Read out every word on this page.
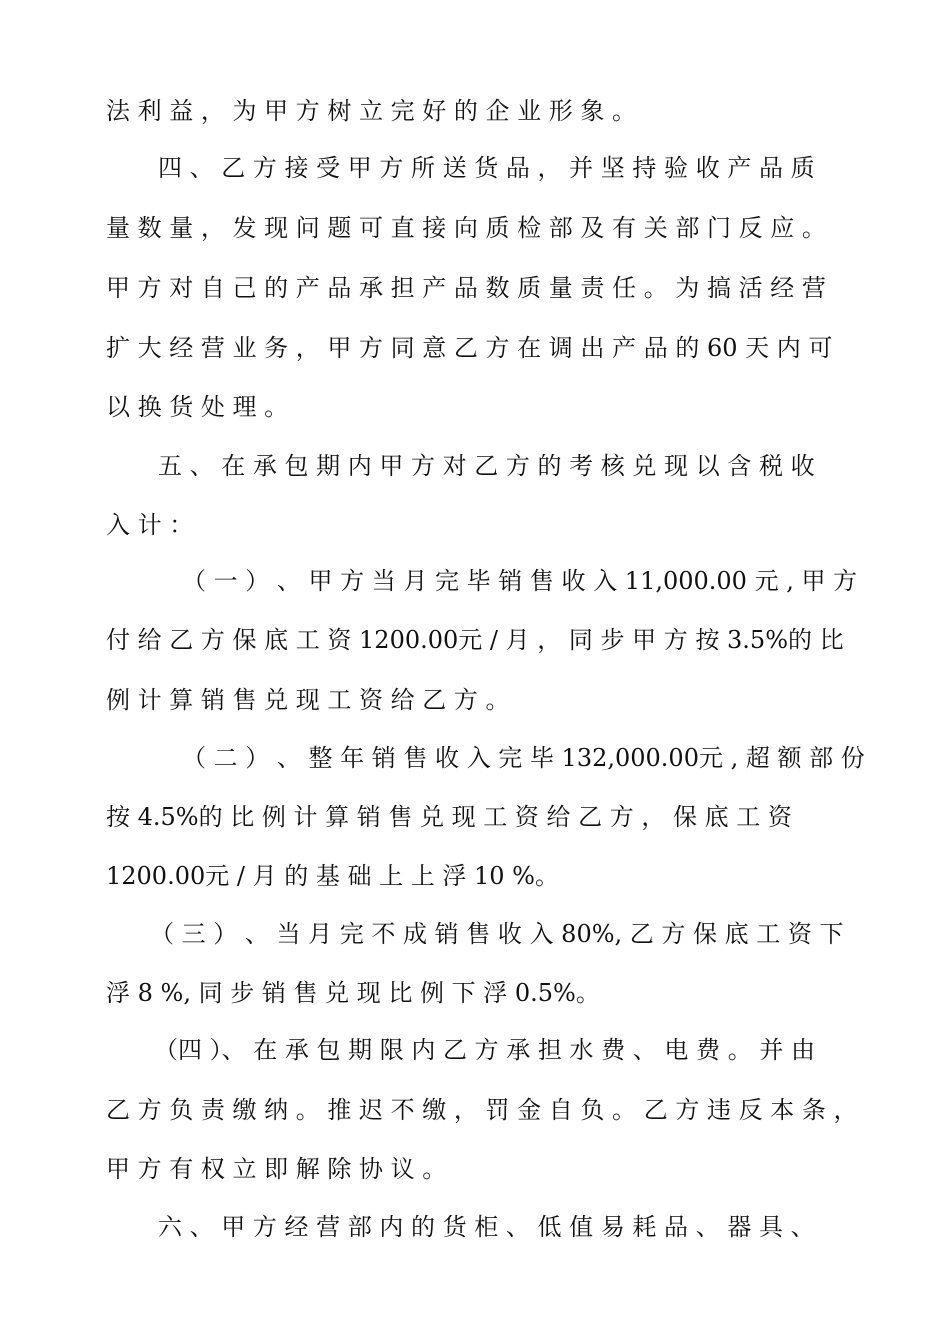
法 利 益 ， 为 甲 方 树 立 完 好 的 企 业 形 象 。
四 、 乙 方 接 受 甲 方 所 送 货 品 ， 并 坚 持 验 收 产 品 质
量 数 量 ， 发 现 问 题 可 直 接 向 质 检 部 及 有 关 部 门 反 应 。
甲 方 对 自 己 的 产 品 承 担 产 品 数 质 量 责 任 。 为 搞 活 经 营
扩 大 经 营 业 务 ， 甲 方 同 意 乙 方 在 调 出 产 品 的 60 天 内 可
以 换 货 处 理 。
五 、 在 承 包 期 内 甲 方 对 乙 方 的 考 核 兑 现 以 含 税 收
入 计 ：
（ 一 ） 、 甲 方 当 月 完 毕 销 售 收 入 11,000.00 元 , 甲 方
付 给 乙 方 保 底 工 资 1200.00元 / 月 ， 同 步 甲 方 按 3.5%的 比
例 计 算 销 售 兑 现 工 资 给 乙 方 。
（ 二 ） 、 整 年 销 售 收 入 完 毕 132,000.00元 , 超 额 部 份
按 4.5%的 比 例 计 算 销 售 兑 现 工 资 给 乙 方 ， 保 底 工 资
1200.00元 / 月 的 基 础 上 上 浮 10 %。
（ 三 ） 、 当 月 完 不 成 销 售 收 入 80%, 乙 方 保 底 工 资 下
浮 8 %, 同 步 销 售 兑 现 比 例 下 浮 0.5%。
（四 ）、 在 承 包 期 限 内 乙 方 承 担 水 费 、 电 费 。 并 由
乙 方 负 责 缴 纳 。 推 迟 不 缴 ， 罚 金 自 负 。 乙 方 违 反 本 条 ，
甲 方 有 权 立 即 解 除 协 议 。
六 、 甲 方 经 营 部 内 的 货 柜 、 低 值 易 耗 品 、 器 具 、
